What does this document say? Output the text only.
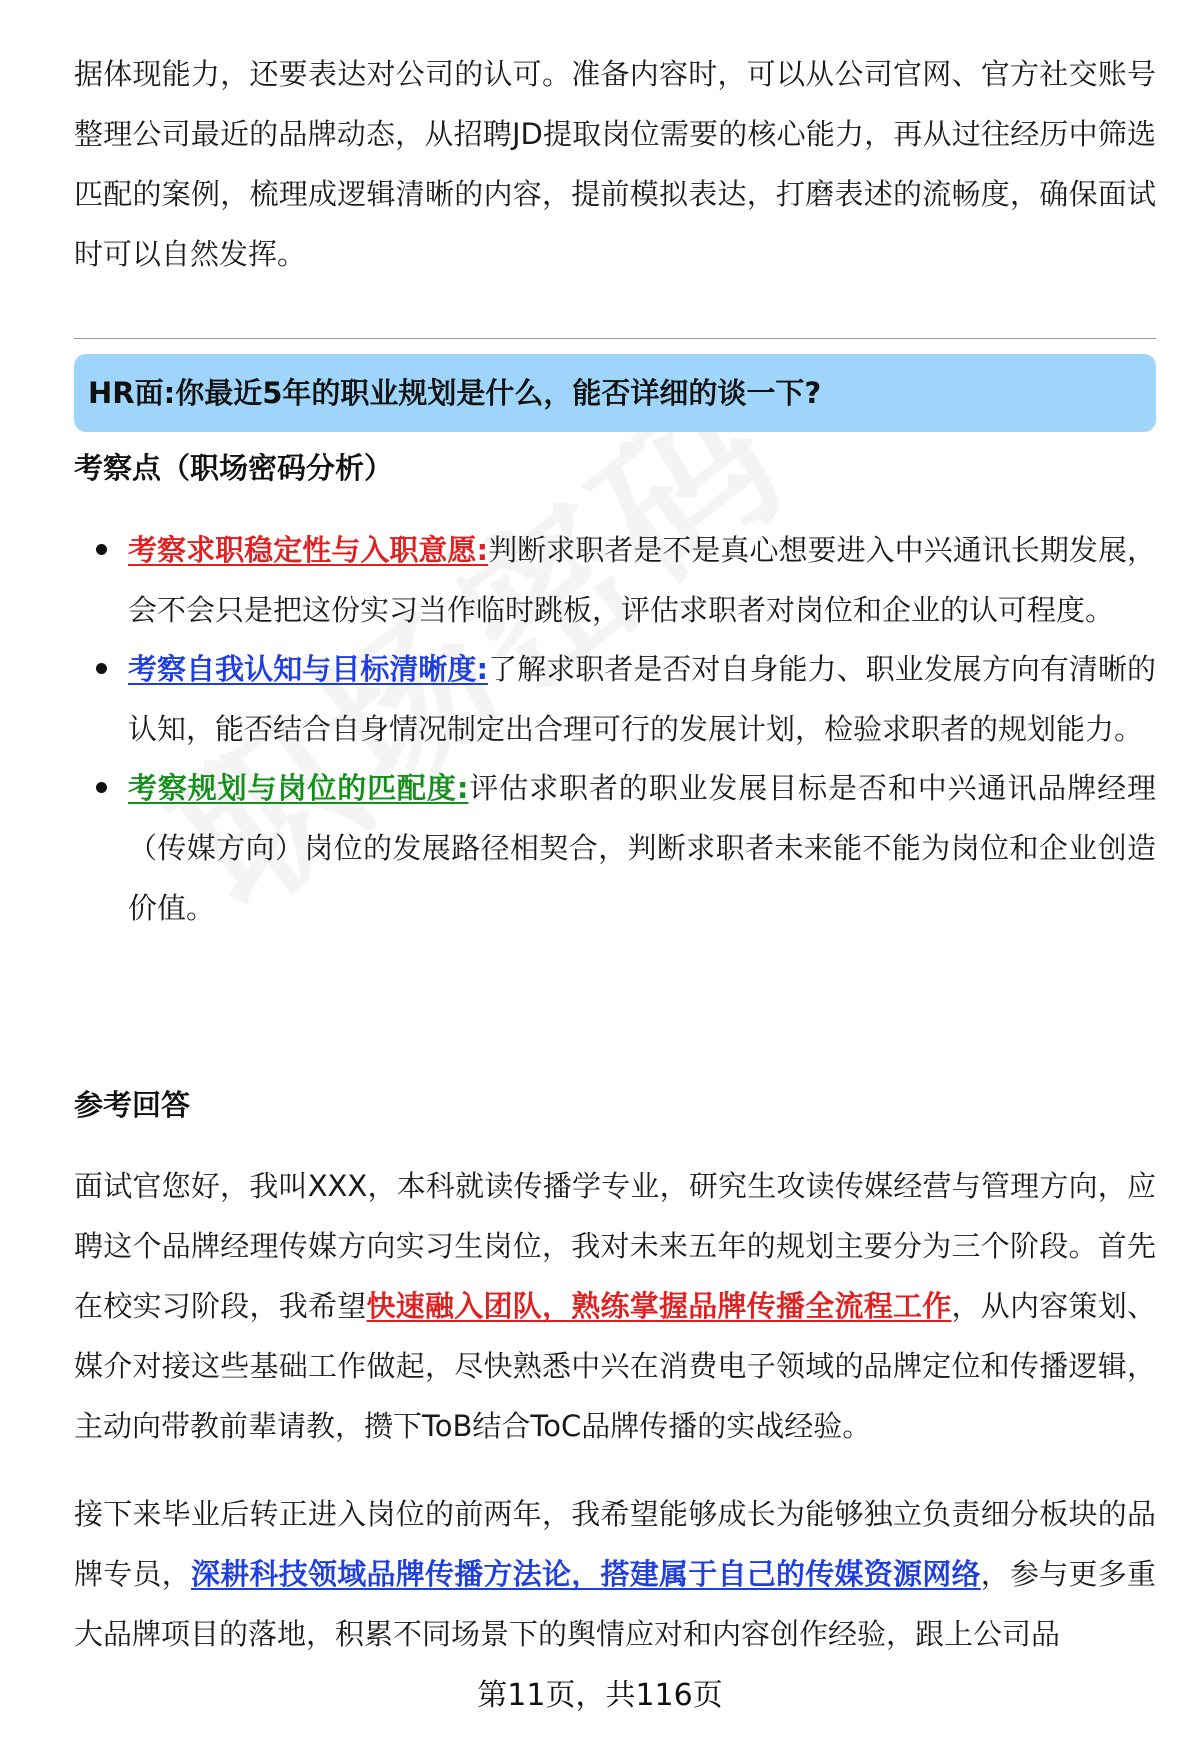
据体现能力，还要表达对公司的认可。准备内容时，可以从公司官网、官方社交账号整理公司最近的品牌动态，从招聘JD提取岗位需要的核心能力，再从过往经历中筛选匹配的案例，梳理成逻辑清晰的内容，提前模拟表达，打磨表述的流畅度，确保面试时可以自然发挥。

HR面:你最近5年的职业规划是什么，能否详细的谈一下?
考察点（职场密码分析）
考察求职稳定性与入职意愿:判断求职者是不是真心想要进入中兴通讯长期发展，会不会只是把这份实习当作临时跳板，评估求职者对岗位和企业的认可程度。
考察自我认知与目标清晰度:了解求职者是否对自身能力、职业发展方向有清晰的认知，能否结合自身情况制定出合理可行的发展计划，检验求职者的规划能力。
考察规划与岗位的匹配度:评估求职者的职业发展目标是否和中兴通讯品牌经理（传媒方向）岗位的发展路径相契合，判断求职者未来能不能为岗位和企业创造价值。
参考回答

面试官您好，我叫XXX，本科就读传播学专业，研究生攻读传媒经营与管理方向，应聘这个品牌经理传媒方向实习生岗位，我对未来五年的规划主要分为三个阶段。首先在校实习阶段，我希望快速融入团队，熟练掌握品牌传播全流程工作，从内容策划、媒介对接这些基础工作做起，尽快熟悉中兴在消费电子领域的品牌定位和传播逻辑，主动向带教前辈请教，攒下ToB结合ToC品牌传播的实战经验。

接下来毕业后转正进入岗位的前两年，我希望能够成长为能够独立负责细分板块的品牌专员，深耕科技领域品牌传播方法论，搭建属于自己的传媒资源网络，参与更多重大品牌项目的落地，积累不同场景下的舆情应对和内容创作经验，跟上公司品

第11页，共116页
